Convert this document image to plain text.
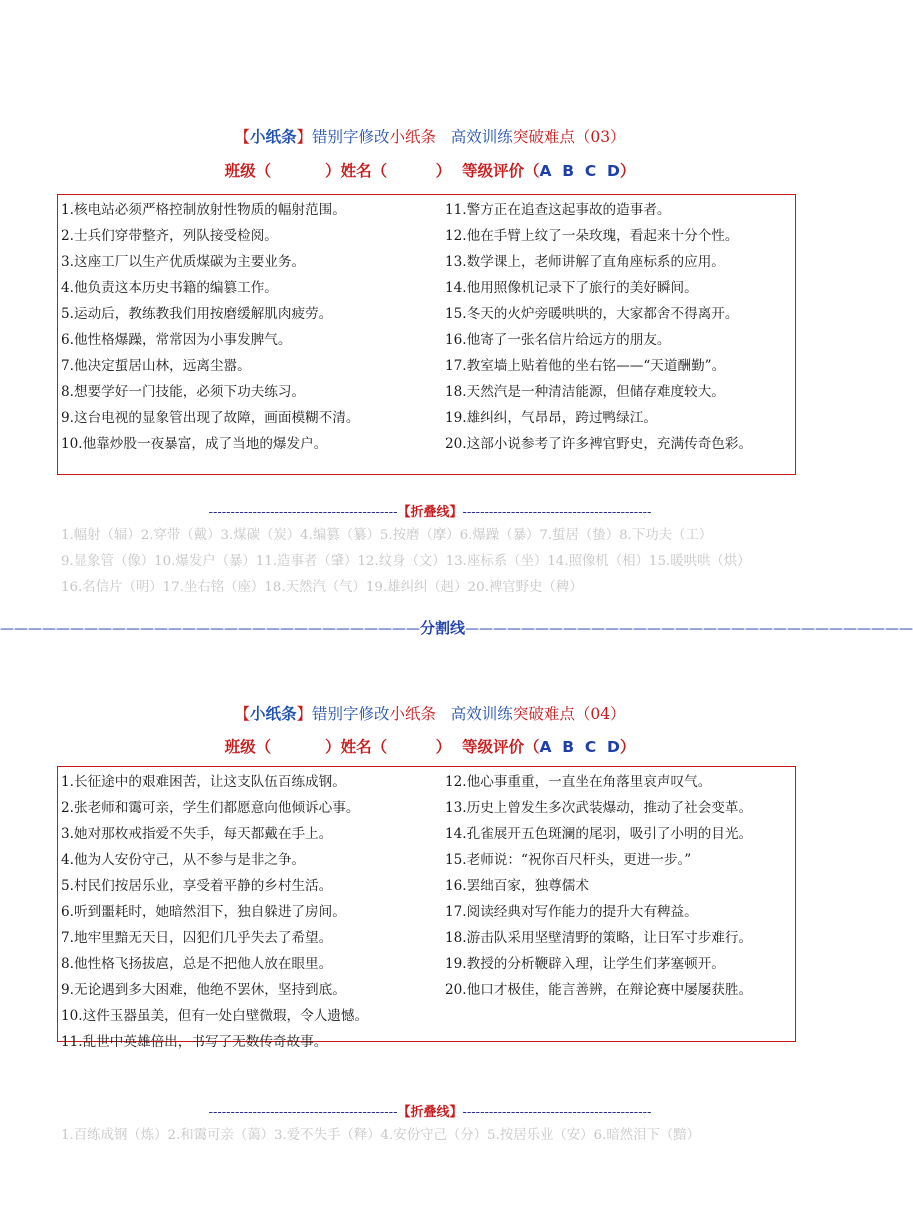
【小纸条】错别字修改小纸条 高效训练突破难点（03）
班级（	）姓名（	） 等级评价（A  B  C  D）
1.核电站必须严格控制放射性物质的幅射范围。
2.士兵们穿带整齐，列队接受检阅。
3.这座工厂以生产优质煤碳为主要业务。
4.他负责这本历史书籍的编篡工作。
5.运动后，教练教我们用按磨缓解肌肉疲劳。
6.他性格爆躁，常常因为小事发脾气。
7.他决定蜇居山林，远离尘嚣。
8.想要学好一门技能，必须下功夫练习。
9.这台电视的显象管出现了故障，画面模糊不清。
10.他靠炒股一夜暴富，成了当地的爆发户。
11.警方正在追查这起事故的造事者。
12.他在手臂上纹了一朵玫瑰，看起来十分个性。
13.数学课上，老师讲解了直角座标系的应用。
14.他用照像机记录下了旅行的美好瞬间。
15.冬天的火炉旁暖哄哄的，大家都舍不得离开。
16.他寄了一张名信片给远方的朋友。
17.教室墙上贴着他的坐右铭——“天道酬勤”。
18.天然汽是一种清洁能源，但储存难度较大。
19.雄纠纠，气昂昂，跨过鸭绿江。
20.这部小说参考了许多裨官野史，充满传奇色彩。
-------------------------------------------【折叠线】-------------------------------------------
1.幅射（辐）2.穿带（戴）3.煤碳（炭）4.编篡（纂）5.按磨（摩）6.爆躁（暴）7.蜇居（蛰）8.下功夫（工）
9.显象管（像）10.爆发户（暴）11.造事者（肇）12.纹身（文）13.座标系（坐）14.照像机（相）15.暖哄哄（烘）
16.名信片（明）17.坐右铭（座）18.天然汽（气）19.雄纠纠（赳）20.裨官野史（稗）
——————————————————————————————分割线————————————————————————————————
【小纸条】错别字修改小纸条 高效训练突破难点（04）
班级（	）姓名（	） 等级评价（A  B  C  D）
1.长征途中的艰难困苦，让这支队伍百练成钢。
2.张老师和霭可亲，学生们都愿意向他倾诉心事。
3.她对那枚戒指爱不失手，每天都戴在手上。
4.他为人安份守己，从不参与是非之争。
5.村民们按居乐业，享受着平静的乡村生活。
6.听到噩耗时，她暗然泪下，独自躲进了房间。
7.地牢里黯无天日，囚犯们几乎失去了希望。
8.他性格飞扬拔扈，总是不把他人放在眼里。
9.无论遇到多大困难，他绝不罢休，坚持到底。
10.这件玉器虽美，但有一处白壁微瑕，令人遗憾。
11.乱世中英雄倍出，书写了无数传奇故事。
12.他心事重重，一直坐在角落里哀声叹气。
13.历史上曾发生多次武装爆动，推动了社会变革。
14.孔雀展开五色斑澜的尾羽，吸引了小明的目光。
15.老师说：“祝你百尺杆头，更进一步。”
16.罢绌百家，独尊儒术
17.阅读经典对写作能力的提升大有稗益。
18.游击队采用坚壁清野的策略，让日军寸步难行。
19.教授的分析鞭辟入理，让学生们茅塞顿开。
20.他口才极佳，能言善辨，在辩论赛中屡屡获胜。
-------------------------------------------【折叠线】-------------------------------------------
1.百练成钢（炼）2.和霭可亲（蔼）3.爱不失手（释）4.安份守己（分）5.按居乐业（安）6.暗然泪下（黯）
